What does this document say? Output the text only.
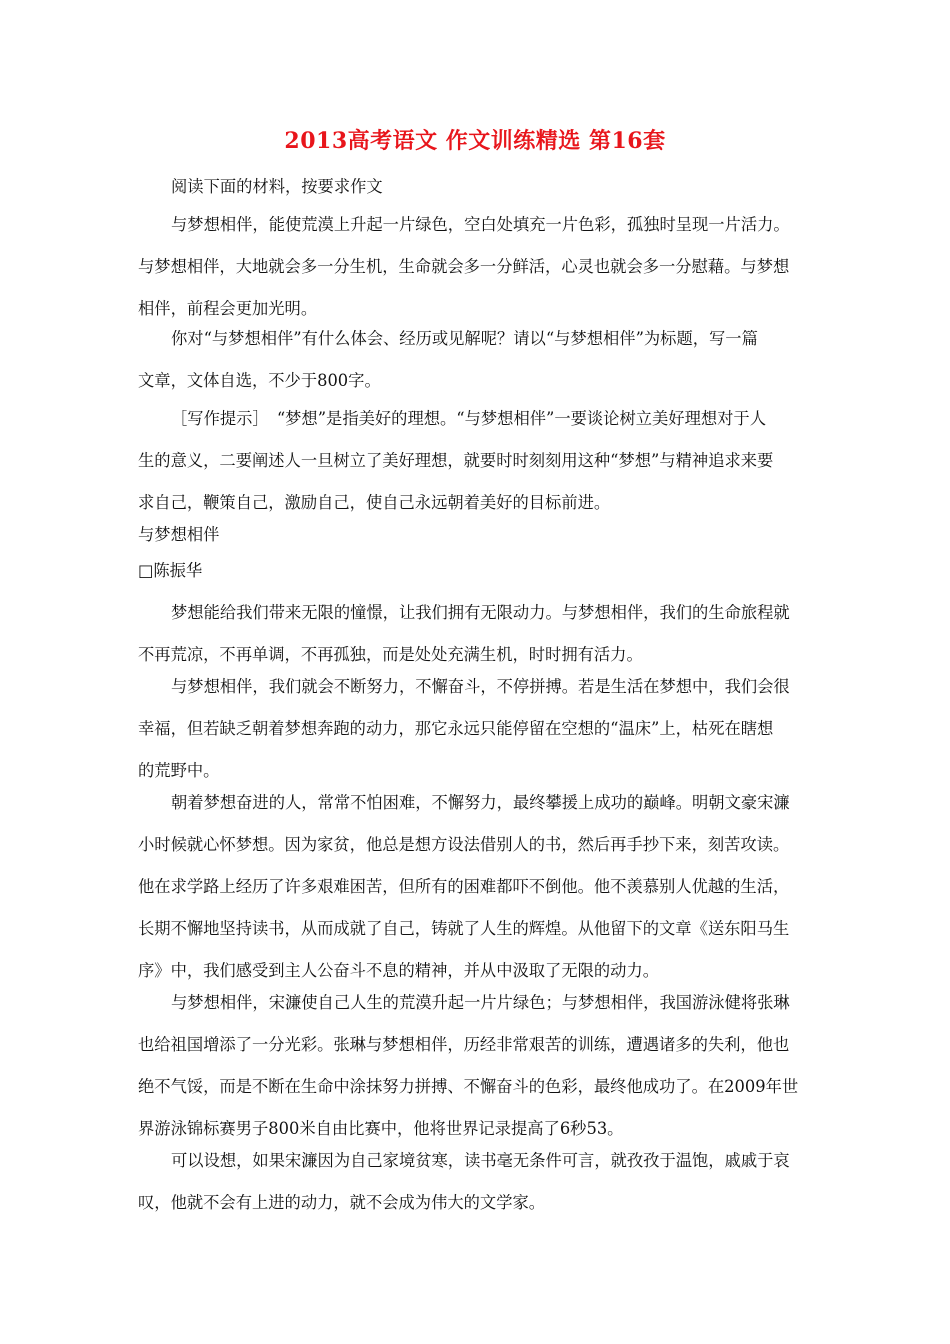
2013高考语文 作文训练精选 第16套
阅读下面的材料，按要求作文
与梦想相伴，能使荒漠上升起一片绿色，空白处填充一片色彩，孤独时呈现一片活力。
与梦想相伴，大地就会多一分生机，生命就会多一分鲜活，心灵也就会多一分慰藉。与梦想
相伴，前程会更加光明。
你对“与梦想相伴”有什么体会、经历或见解呢？请以“与梦想相伴”为标题，写一篇
文章，文体自选，不少于800字。
［写作提示］　“梦想”是指美好的理想。“与梦想相伴”一要谈论树立美好理想对于人
生的意义，二要阐述人一旦树立了美好理想，就要时时刻刻用这种“梦想”与精神追求来要
求自己，鞭策自己，激励自己，使自己永远朝着美好的目标前进。
与梦想相伴
□陈振华
梦想能给我们带来无限的憧憬，让我们拥有无限动力。与梦想相伴，我们的生命旅程就
不再荒凉，不再单调，不再孤独，而是处处充满生机，时时拥有活力。
与梦想相伴，我们就会不断努力，不懈奋斗，不停拼搏。若是生活在梦想中，我们会很
幸福，但若缺乏朝着梦想奔跑的动力，那它永远只能停留在空想的“温床”上，枯死在瞎想
的荒野中。
朝着梦想奋进的人，常常不怕困难，不懈努力，最终攀援上成功的巅峰。明朝文豪宋濂
小时候就心怀梦想。因为家贫，他总是想方设法借别人的书，然后再手抄下来，刻苦攻读。
他在求学路上经历了许多艰难困苦，但所有的困难都吓不倒他。他不羡慕别人优越的生活，
长期不懈地坚持读书，从而成就了自己，铸就了人生的辉煌。从他留下的文章《送东阳马生
序》中，我们感受到主人公奋斗不息的精神，并从中汲取了无限的动力。
与梦想相伴，宋濂使自己人生的荒漠升起一片片绿色；与梦想相伴，我国游泳健将张琳
也给祖国增添了一分光彩。张琳与梦想相伴，历经非常艰苦的训练，遭遇诸多的失利，他也
绝不气馁，而是不断在生命中涂抹努力拼搏、不懈奋斗的色彩，最终他成功了。在2009年世
界游泳锦标赛男子800米自由比赛中，他将世界记录提高了6秒53。
可以设想，如果宋濂因为自己家境贫寒，读书毫无条件可言，就孜孜于温饱，戚戚于哀
叹，他就不会有上进的动力，就不会成为伟大的文学家。
